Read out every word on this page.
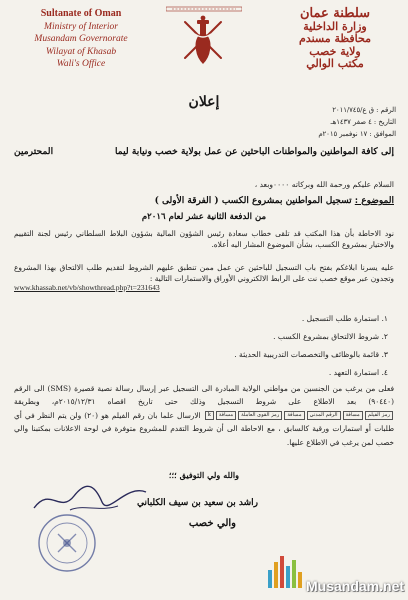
Sultanate of Oman
Ministry of Interior
Musandam Governorate
Wilayat of Khasab
Wali's Office
سلطنة عمان
وزارة الداخلية
محافظة مسندم
ولاية خصب
مكتب الوالي
إعلان	الرقم : ق ع/٢٠١١/٧٤٥
التاريخ : ٤ صفر ١٤٣٧هـ
الموافق : ١٧ نوفمبر ٢٠١٥م
إلى كافة المواطنين والمواطنات الباحثين عن عمل بولاية خصب ونيابة ليما
المحترمين
السلام عليكم ورحمة الله وبركاته ٠٠٠٠وبعد ،
الموضوع : تسجيل المواطنين بمشروع الكسب ( الفرقة الأولى )
من الدفعة الثانية عشر لعام ٢٠١٦م
نود الاحاطة بأن هذا المكتب قد تلقى خطاب سعادة رئيس الشؤون المالية بشؤون البلاط السلطاني رئيس لجنة التقييم والاختيار بمشروع الكسب، بشأن الموضوع المشار اليه أعلاه.
عليه يسرنا ابلاغكم بفتح باب التسجيل للباحثين عن عمل ممن تنطبق عليهم الشروط لتقديم طلب الالتحاق بهذا المشروع وتجدون عبر موقع خصب نت على الرابط الالكتروني الأوراق والاستمارات التالية :
www.khassab.net/vb/showthread.php?t=231643
١. استمارة طلب التسجيل .
٢. شروط الالتحاق بمشروع الكسب .
٣. قائمة بالوظائف والتخصصات التدريبية الحديثة .
٤. استمارة التعهد .
فعلى من يرغب من الجنسين من مواطني الولاية المبادرة الى التسجيل عبر إرسال رسالة نصية قصيرة (SMS) الى الرقم (٩٠٤٤٠) بعد الاطلاع على شروط التسجيل وذلك حتى تاريخ اقصاه ٢٠١٥/١٢/٣١م، وبطريقة رمز الفيلممسافةالرقم المدنيمسافةرمز القوى العاملةمسافةk الارسال علما بان رقم الفيلم هو (٢٠) ولن يتم النظر في أي طلبات أو استمارات ورقية كالسابق ، مع الاحاطة الى أن شروط التقدم للمشروع متوفرة في لوحة الاعلانات بمكتبنا والي خصب لمن يرغب في الاطلاع عليها.
والله ولي التوفيق ؛؛؛
راشد بن سعيد بن سيف الكلباني
والي خصب
Musandam.net
